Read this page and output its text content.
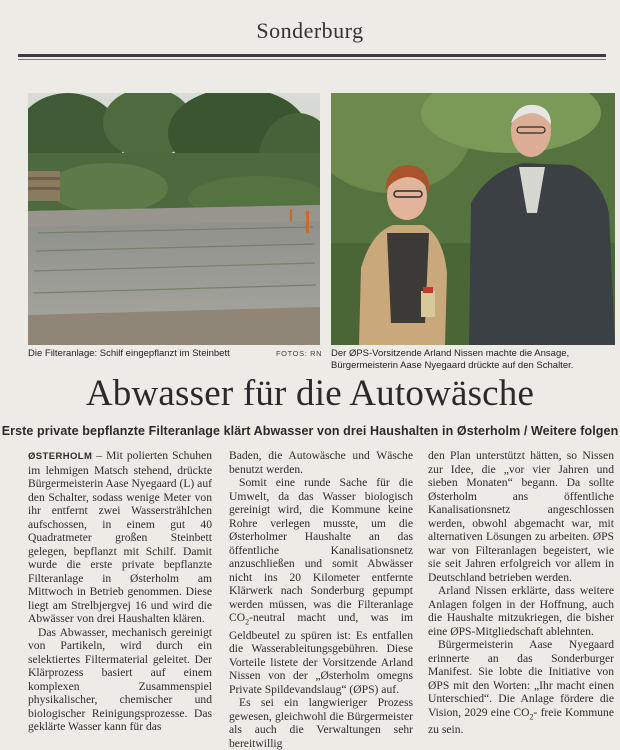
Sonderburg
Die Filteranlage: Schilf eingepflanzt im Steinbett	FOTOS: RN Der ØPS-Vorsitzende Arland Nissen machte die Ansage, Bürgermeisterin Aase Nyegaard drückte auf den Schalter.
Abwasser für die Autowäsche
Erste private bepflanzte Filteranlage klärt Abwasser von drei Haushalten in Østerholm / Weitere folgen

ØSTERHOLM – Mit polierten Schuhen im lehmigen Matsch stehend, drückte Bürgermeisterin Aase Nyegaard (L) auf den Schalter, sodass wenige Meter von ihr entfernt zwei Wasserstrählchen aufschossen, in einem gut 40 Quadratmeter großen Steinbett gelegen, bepflanzt mit Schilf. Damit wurde die erste private bepflanzte Filteranlage in Østerholm am Mittwoch in Betrieb genommen. Diese liegt am Strelbjergvej 16 und wird die Abwässer von drei Haushalten klären.

Das Abwasser, mechanisch gereinigt von Partikeln, wird durch ein selektiertes Filtermaterial geleitet. Der Klärprozess basiert auf einem komplexen Zusammenspiel physikalischer, chemischer und biologischer Reinigungsprozesse. Das geklärte Wasser kann für das

Baden, die Autowäsche und Wäsche benutzt werden.

Somit eine runde Sache für die Umwelt, da das Wasser biologisch gereinigt wird, die Kommune keine Rohre verlegen musste, um die Østerholmer Haushalte an das öffentliche Kanalisationsnetz anzuschließen und somit Abwässer nicht ins 20 Kilometer entfernte Klärwerk nach Sonderburg gepumpt werden müssen, was die Filteranlage $CO_2$-neutral macht und, was im Geldbeutel zu spüren ist: Es entfallen die Wasserableitungsgebühren. Diese Vorteile listete der Vorsitzende Arland Nissen von der „Østerholm omegns Private Spildevandslaug“ (ØPS) auf.

Es sei ein langwieriger Prozess gewesen, gleichwohl die Bürgermeister als auch die Verwaltungen sehr bereitwillig

den Plan unterstützt hätten, so Nissen zur Idee, die „vor vier Jahren und sieben Monaten“ begann. Da sollte Østerholm ans öffentliche Kanalisationsnetz angeschlossen werden, obwohl abgemacht war, mit alternativen Lösungen zu arbeiten. ØPS war von Filteranlagen begeistert, wie sie seit Jahren erfolgreich vor allem in Deutschland betrieben werden.

Arland Nissen erklärte, dass weitere Anlagen folgen in der Hoffnung, auch die Haushalte mitzukriegen, die bisher eine ØPS-Mitgliedschaft ablehnten.

Bürgermeisterin Aase Nyegaard erinnerte an das Sonderburger Manifest. Sie lobte die Initiative von ØPS mit den Worten: „Ihr macht einen Unterschied“. Die Anlage fördere die Vision, 2029 eine $CO_2-$ freie Kommune zu sein.
